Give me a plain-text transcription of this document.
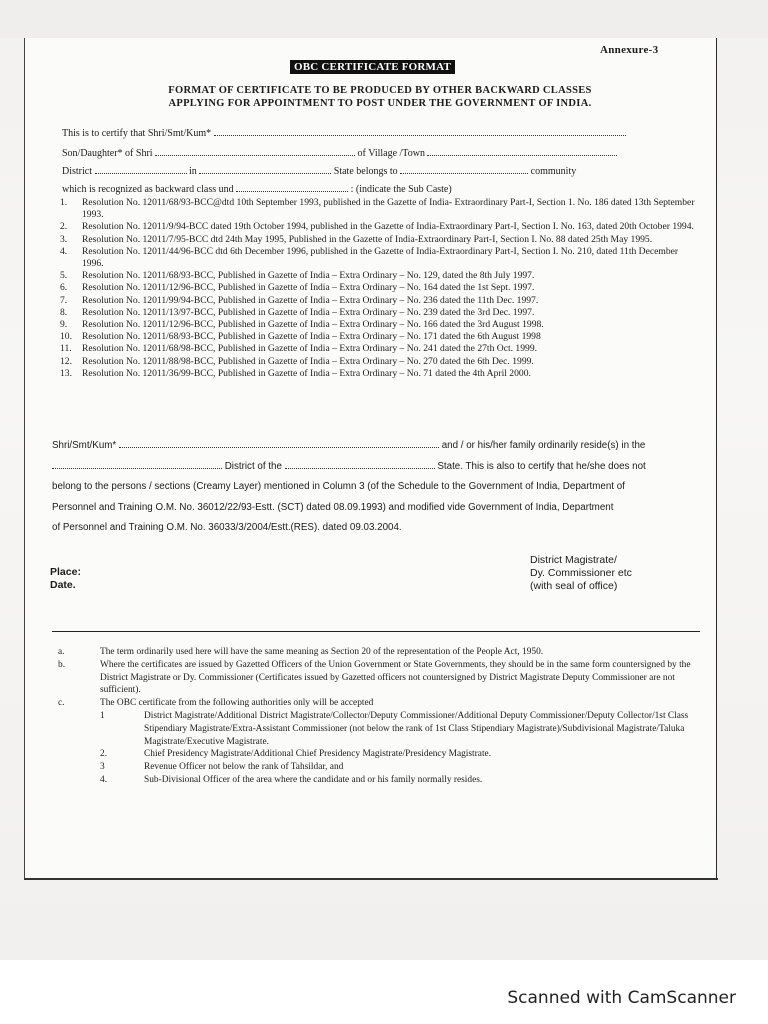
Annexure-3
OBC CERTIFICATE FORMAT
FORMAT OF CERTIFICATE TO BE PRODUCED BY OTHER BACKWARD CLASSES
APPLYING FOR APPOINTMENT TO POST UNDER THE GOVERNMENT OF INDIA.
This is to certify that Shri/Smt/Kum*
Son/Daughter* of Shri	of Village /Town
District	in	State belongs to	community
which is recognized as backward class und	: (indicate the Sub Caste)
1.	Resolution No. 12011/68/93-BCC@dtd 10th September 1993, published in the Gazette of India- Extraordinary Part-I, Section 1. No. 186 dated 13th September 1993.
2.	Resolution No. 12011/9/94-BCC dated 19th October 1994, published in the Gazette of India-Extraordinary Part-I, Section I. No. 163, dated 20th October 1994.
3.	Resolution No. 12011/7/95-BCC dtd 24th May 1995, Published in the Gazette of India-Extraordinary Part-I, Section I. No. 88 dated 25th May 1995.
4.	Resolution No. 12011/44/96-BCC dtd 6th December 1996, published in the Gazette of India-Extraordinary Part-I, Section I. No. 210, dated 11th December 1996.
5.	Resolution No. 12011/68/93-BCC, Published in Gazette of India – Extra Ordinary – No. 129, dated the 8th July 1997.
6.	Resolution No. 12011/12/96-BCC, Published in Gazette of India – Extra Ordinary – No. 164 dated the 1st Sept. 1997.
7.	Resolution No. 12011/99/94-BCC, Published in Gazette of India – Extra Ordinary – No. 236 dated the 11th Dec. 1997.
8.	Resolution No. 12011/13/97-BCC, Published in Gazette of India – Extra Ordinary – No. 239 dated the 3rd Dec. 1997.
9.	Resolution No. 12011/12/96-BCC, Published in Gazette of India – Extra Ordinary – No. 166 dated the 3rd August 1998.
10.	Resolution No. 12011/68/93-BCC, Published in Gazette of India – Extra Ordinary – No. 171 dated the 6th August 1998
11.	Resolution No. 12011/68/98-BCC, Published in Gazette of India – Extra Ordinary – No. 241 dated the 27th Oct. 1999.
12.	Resolution No. 12011/88/98-BCC, Published in Gazette of India – Extra Ordinary – No. 270 dated the 6th Dec. 1999.
13.	Resolution No. 12011/36/99-BCC, Published in Gazette of India – Extra Ordinary – No. 71 dated the 4th April 2000.
Shri/Smt/Kum*	and / or his/her family ordinarily reside(s) in the
District of the	State. This is also to certify that he/she does not
belong to the persons / sections (Creamy Layer) mentioned in Column 3 (of the Schedule to the Government of India, Department of
Personnel and Training O.M. No. 36012/22/93-Estt. (SCT) dated 08.09.1993) and modified vide Government of India, Department
of Personnel and Training O.M. No. 36033/3/2004/Estt.(RES). dated 09.03.2004.
Place:
Date.
District Magistrate/
Dy. Commissioner etc
(with seal of office)
a.	The term ordinarily used here will have the same meaning as Section 20 of the representation of the People Act, 1950.
b.	Where the certificates are issued by Gazetted Officers of the Union Government or State Governments, they should be in the same form countersigned by the District Magistrate or Dy. Commissioner (Certificates issued by Gazetted officers not countersigned by District Magistrate Deputy Commissioner are not sufficient).
c.	The OBC certificate from the following authorities only will be accepted
1	District Magistrate/Additional District Magistrate/Collector/Deputy Commissioner/Additional Deputy Commissioner/Deputy Collector/1st Class Stipendiary Magistrate/Extra-Assistant Commissioner (not below the rank of 1st Class Stipendiary Magistrate)/Subdivisional Magistrate/Taluka Magistrate/Executive Magistrate.
2.	Chief Presidency Magistrate/Additional Chief Presidency Magistrate/Presidency Magistrate.
3	Revenue Officer not below the rank of Tahsildar, and
4.	Sub-Divisional Officer of the area where the candidate and or his family normally resides.
Scanned with CamScanner
